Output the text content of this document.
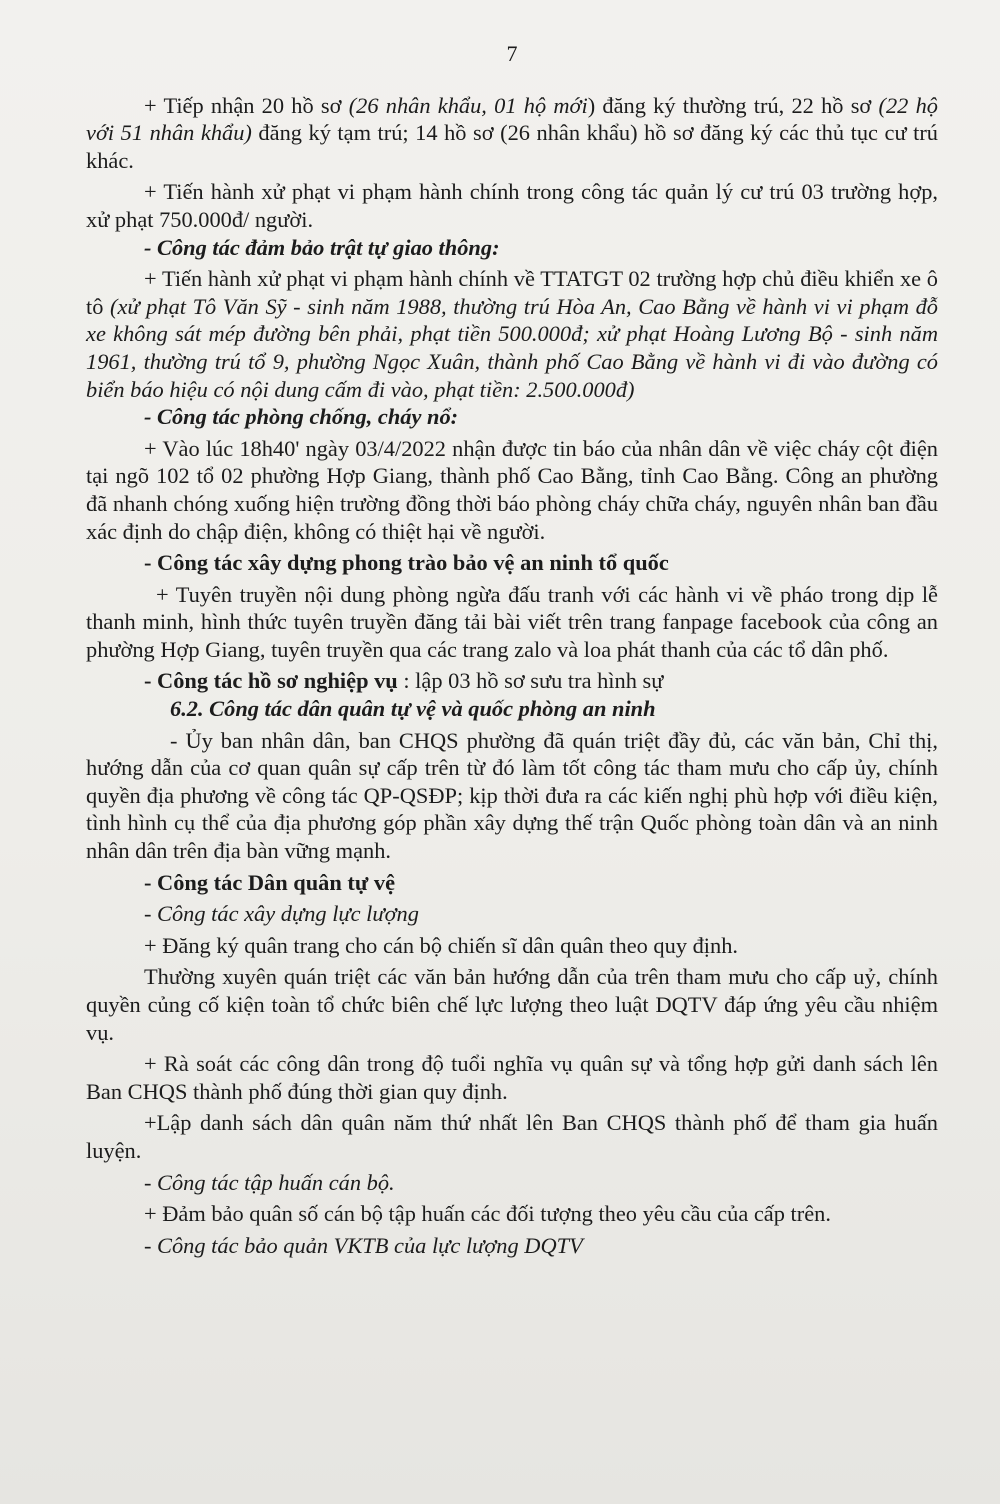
7

+ Tiếp nhận 20 hồ sơ (26 nhân khẩu, 01 hộ mới) đăng ký thường trú, 22 hồ sơ (22 hộ với 51 nhân khẩu) đăng ký tạm trú; 14 hồ sơ (26 nhân khẩu) hồ sơ đăng ký các thủ tục cư trú khác.

+ Tiến hành xử phạt vi phạm hành chính trong công tác quản lý cư trú 03 trường hợp, xử phạt 750.000đ/ người.

- Công tác đảm bảo trật tự giao thông:

+ Tiến hành xử phạt vi phạm hành chính về TTATGT 02 trường hợp chủ điều khiển xe ô tô (xử phạt Tô Văn Sỹ - sinh năm 1988, thường trú Hòa An, Cao Bằng về hành vi vi phạm đỗ xe không sát mép đường bên phải, phạt tiền 500.000đ; xử phạt Hoàng Lương Bộ - sinh năm 1961, thường trú tổ 9, phường Ngọc Xuân, thành phố Cao Bằng về hành vi đi vào đường có biển báo hiệu có nội dung cấm đi vào, phạt tiền: 2.500.000đ)

- Công tác phòng chống, cháy nổ:

+ Vào lúc 18h40' ngày 03/4/2022 nhận được tin báo của nhân dân về việc cháy cột điện tại ngõ 102 tổ 02 phường Hợp Giang, thành phố Cao Bằng, tỉnh Cao Bằng. Công an phường đã nhanh chóng xuống hiện trường đồng thời báo phòng cháy chữa cháy, nguyên nhân ban đầu xác định do chập điện, không có thiệt hại về người.

- Công tác xây dựng phong trào bảo vệ an ninh tổ quốc

+ Tuyên truyền nội dung phòng ngừa đấu tranh với các hành vi về pháo trong dịp lễ thanh minh, hình thức tuyên truyền đăng tải bài viết trên trang fanpage facebook của công an phường Hợp Giang, tuyên truyền qua các trang zalo và loa phát thanh của các tổ dân phố.

- Công tác hồ sơ nghiệp vụ : lập 03 hồ sơ sưu tra hình sự

6.2. Công tác dân quân tự vệ và quốc phòng an ninh

- Ủy ban nhân dân, ban CHQS phường đã quán triệt đầy đủ, các văn bản, Chỉ thị, hướng dẫn của cơ quan quân sự cấp trên từ đó làm tốt công tác tham mưu cho cấp ủy, chính quyền địa phương về công tác QP-QSĐP; kịp thời đưa ra các kiến nghị phù hợp với điều kiện, tình hình cụ thể của địa phương góp phần xây dựng thế trận Quốc phòng toàn dân và an ninh nhân dân trên địa bàn vững mạnh.

- Công tác Dân quân tự vệ

- Công tác xây dựng lực lượng

+ Đăng ký quân trang cho cán bộ chiến sĩ dân quân theo quy định.

Thường xuyên quán triệt các văn bản hướng dẫn của trên tham mưu cho cấp uỷ, chính quyền củng cố kiện toàn tổ chức biên chế lực lượng theo luật DQTV đáp ứng yêu cầu nhiệm vụ.

+ Rà soát các công dân trong độ tuổi nghĩa vụ quân sự và tổng hợp gửi danh sách lên Ban CHQS thành phố đúng thời gian quy định.

+Lập danh sách dân quân năm thứ nhất lên Ban CHQS thành phố để tham gia huấn luyện.

- Công tác tập huấn cán bộ.

+ Đảm bảo quân số cán bộ tập huấn các đối tượng theo yêu cầu của cấp trên.

- Công tác bảo quản VKTB của lực lượng DQTV
